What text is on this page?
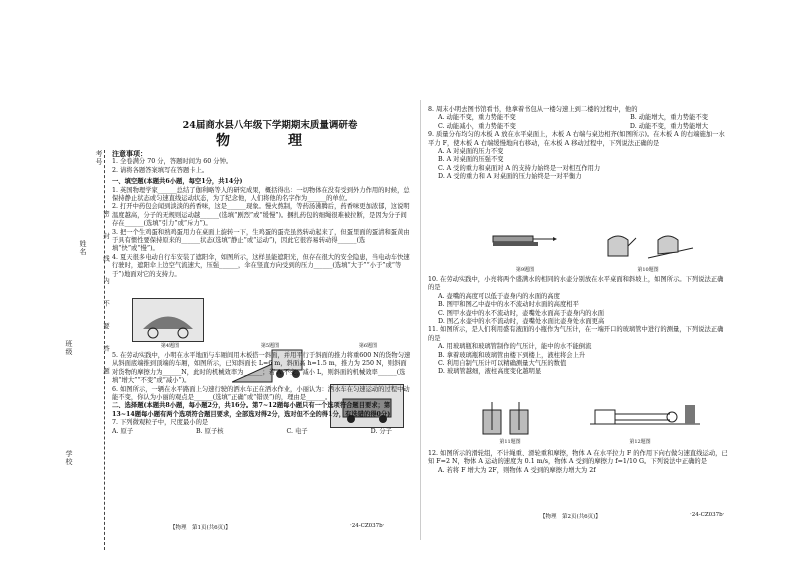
考号
姓名 密　　封　　线　　内　　不　　要　　答　　题
班级
学校
24届商水县八年级下学期期末质量调研卷
物　理

注意事项：

1. 全卷满分 70 分，答题时间为 60 分钟。

2. 请将各题答案填写在答题卡上。

一、填空题(本题共6小题，每空1分，共14分)

1. 英国物理学家______总结了伽利略等人的研究成果，概括得出：一切物体在没有受到外力作用的时候，总保持静止状态或匀速直线运动状态，为了纪念他，人们将他的名字作为______的单位。

2. 打开中药包会闻到淡淡的药香味，这是______现象。慢火熬制，等药汤沸腾后，药香味更加浓郁，这说明温度越高，分子的无规则运动越______(选填“剧烈”或“缓慢”)。捆扎药包的细绳很难被拉断，是因为分子间存在______(选填“引力”或“斥力”)。

3. 把一个生鸡蛋和熟鸡蛋用力在桌面上旋转一下，生鸡蛋的蛋壳虽然转动起来了，但蛋里面的蛋清和蛋黄由于具有惯性要保持原来的______状态(选填“静止”或“运动”)，因此它很容易转动得______(选填“快”或“慢”)。

4. 夏天很多电动自行车安装了遮阳伞，如图所示，这样虽能遮阳光，但存在很大的安全隐患，当电动车快速行驶时，遮阳伞上边空气流速大，压强______，伞在竖直方向受到的压力______(选填“大于”“小于”或“等于”)地面对它的支持力。

第4题图	第5题图	第6题图

5. 在劳动实践中，小明在水平地面与车厢间用木板搭一斜面，并用平行于斜面的推力将重600 N的货物匀速从斜面底端推到顶端的车厢，如图所示，已知斜面长 L=6 m，斜面高 h=1.5 m，推力为 250 N，则斜面对货物的摩擦力为______N，此时的机械效率为______；若 A 不变，减小 L，则斜面的机械效率______(选填“增大”“不变”或“减小”)。

6. 如图所示，一辆在水平路面上匀速行驶的洒水车正在洒水作业，小丽认为：洒水车在匀速运动的过程中动能不变，你认为小丽的观点是______(选填“正确”或“错误”)的，理由是______。

二、选择题(本题共8小题，每小题2分，共16分。第7~12题每小题只有一个选项符合题目要求；第13~14题每小题有两个选项符合题目要求，全部选对得2分，选对但不全的得1分，有选错的得0分)

7. 下列微观粒子中，尺度最小的是

A. 原子	B. 原子核	C. 电子	D. 分子
【物理　第1页(共6页)】	·24-CZ037b·

8. 周末小明去图书馆看书，他拿着书包从一楼匀速上到二楼的过程中，他的

A. 动能不变，重力势能不变	B. 动能增大，重力势能不变
C. 动能减小，重力势能不变	D. 动能不变，重力势能增大

9. 质量分布均匀的木板 A 放在水平桌面上，木板 A 右端与桌边相齐(如图所示)。在木板 A 的右端施加一水平力 F，使木板 A 右端缓慢地向右移动，在木板 A 移动过程中，下列说法正确的是

A. A 对桌面的压力不变

B. A 对桌面的压强不变

C. A 受的重力和桌面对 A 的支持力始终是一对相互作用力

D. A 受的重力和 A 对桌面的压力始终是一对平衡力

第9题图	第10题图

10. 在劳动实践中，小亮将两个盛满水的相同的水壶分别放在水平桌面和斜坡上，如图所示。下列说法正确的是

A. 壶嘴的高度可以低于壶身内的水面的高度

B. 图甲和图乙中壶中的水不流动时水面的高度相平

C. 图甲水壶中的水不流动时，壶嘴处水面高于壶身内的水面

D. 图乙水壶中的水不流动时，壶嘴处水面比壶身处水面更高

11. 如图所示，是人们利用盛有液面的小瓶作为气压计，在一端开口的玻璃管中进行的测量，下列说法正确的是

A. 用玻璃瓶和玻璃管制作的气压计，能中的水不能倒流

B. 拿着玻璃瓶和玻璃管由楼下到楼上，液柱将会上升

C. 利用自制气压计可以精确测量大气压的数值

D. 玻璃管越细，液柱高度变化越明显

第11题图	第12题图

12. 如图所示的滑轮组，不计绳重、滑轮重和摩擦，物体 A 在水平拉力 F 的作用下向右做匀速直线运动，已知 F=2 N，物体 A 运动的速度为 0.1 m/s，物体 A 受到的摩擦力 f=1/10 G。下列说法中正确的是

A. 若将 F 增大为 2F，则物体 A 受到的摩擦力增大为 2f

【物理　第2页(共6页)】	·24-CZ037b·
